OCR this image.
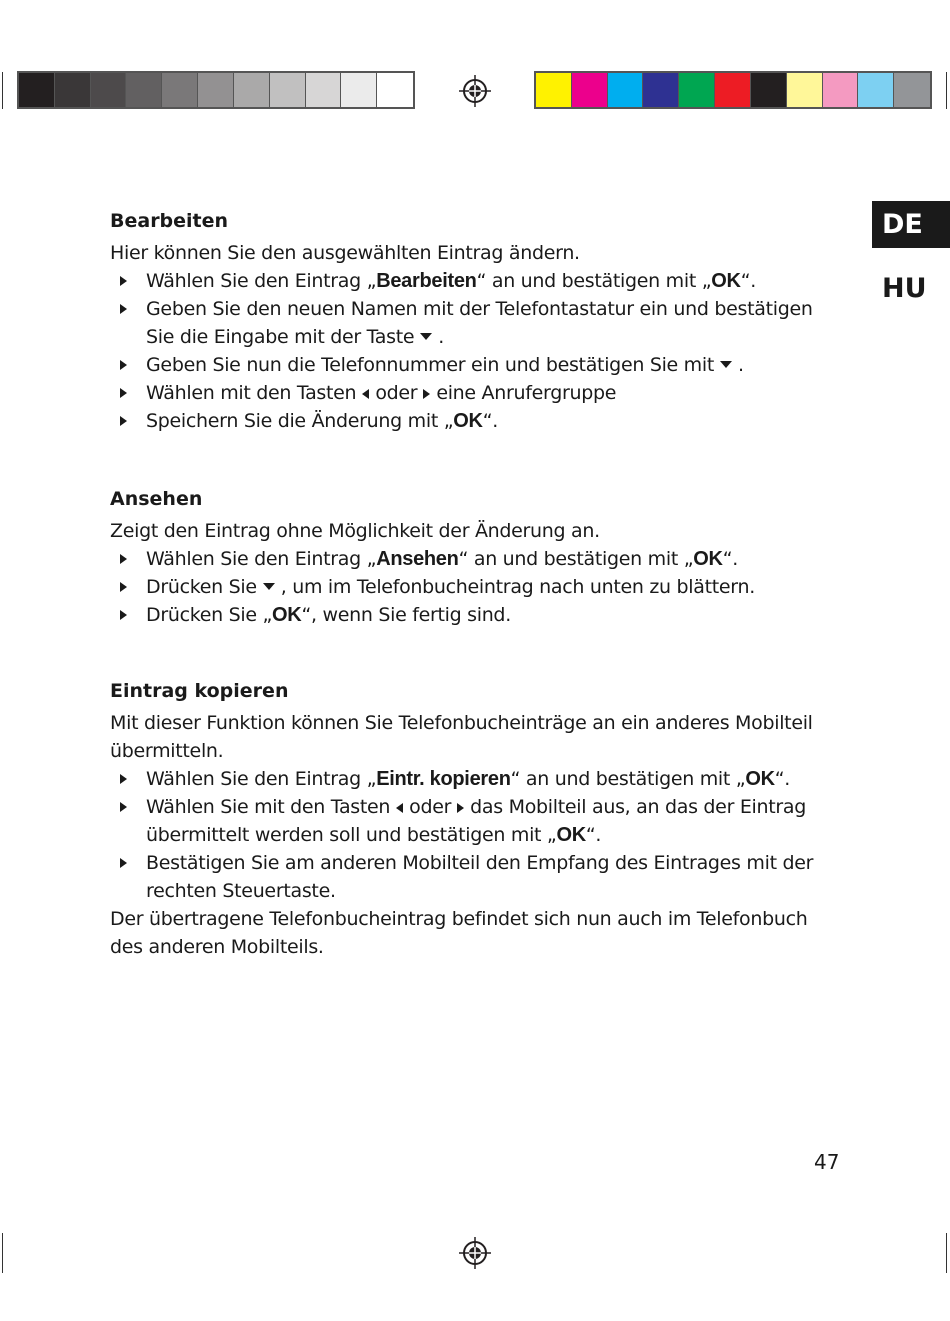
DE
HU
Bearbeiten

Hier können Sie den ausgewählten Eintrag ändern.

Wählen Sie den Eintrag „Bearbeiten“ an und bestätigen mit „OK“.
Geben Sie den neuen Namen mit der Telefontastatur ein und bestätigen Sie die Eingabe mit der Taste .
Geben Sie nun die Telefonnummer ein und bestätigen Sie mit .
Wählen mit den Tasten oder eine Anrufergruppe
Speichern Sie die Änderung mit „OK“.
Ansehen

Zeigt den Eintrag ohne Möglichkeit der Änderung an.

Wählen Sie den Eintrag „Ansehen“ an und bestätigen mit „OK“.
Drücken Sie , um im Telefonbucheintrag nach unten zu blättern.
Drücken Sie „OK“, wenn Sie fertig sind.
Eintrag kopieren

Mit dieser Funktion können Sie Telefonbucheinträge an ein anderes Mobilteil übermitteln.

Wählen Sie den Eintrag „Eintr. kopieren“ an und bestätigen mit „OK“.
Wählen Sie mit den Tasten oder das Mobilteil aus, an das der Eintrag übermittelt werden soll und bestätigen mit „OK“.
Bestätigen Sie am anderen Mobilteil den Empfang des Eintrages mit der rechten Steuertaste.

Der übertragene Telefonbucheintrag befindet sich nun auch im Telefonbuch des anderen Mobilteils.

47
